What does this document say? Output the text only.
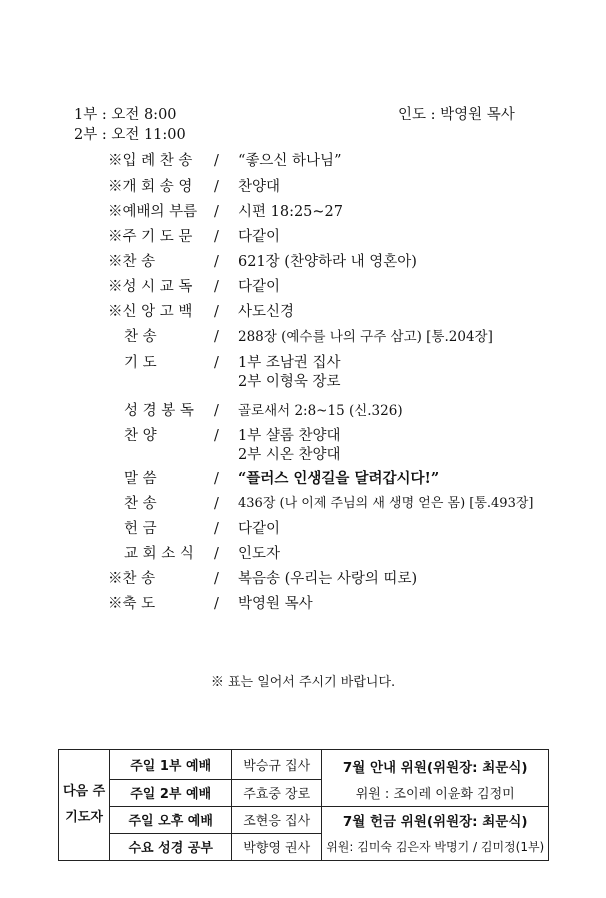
1부 : 오전 8:00
2부 : 오전 11:00
인도 : 박영원 목사
※입 례 찬 송 / “좋으신 하나님”
※개 회 송 영 / 찬양대
※예배의 부름 / 시편 18:25~27
※주 기 도 문 / 다같이
※찬 송	/ 621장 (찬양하라 내 영혼아)
※성 시 교 독 / 다같이
※신 앙 고 백 / 사도신경
찬 송	/ 288장 (예수를 나의 구주 삼고) [통.204장]
기 도	/ 1부 조남권 집사
2부 이형욱 장로
성 경 봉 독 / 골로새서 2:8~15 (신.326)
찬 양	/ 1부 샬롬 찬양대
2부 시온 찬양대
말 씀	/ “플러스 인생길을 달려갑시다!”
찬 송	/ 436장 (나 이제 주님의 새 생명 얻은 몸) [통.493장]
헌 금	/ 다같이
교 회 소 식 / 인도자
※찬 송	/ 복음송 (우리는 사랑의 띠로)
※축 도	/ 박영원 목사
※ 표는 일어서 주시기 바랍니다.
다음 주
기도자	주일 1부 예배	박승규 집사	7월 안내 위원(위원장: 최문식)
	주일 2부 예배	주효중 장로	위원 : 조이레 이윤화 김정미
	주일 오후 예배	조현응 집사	7월 헌금 위원(위원장: 최문식)
	수요 성경 공부	박향영 권사	위원: 김미숙 김은자 박명기 / 김미정(1부)
